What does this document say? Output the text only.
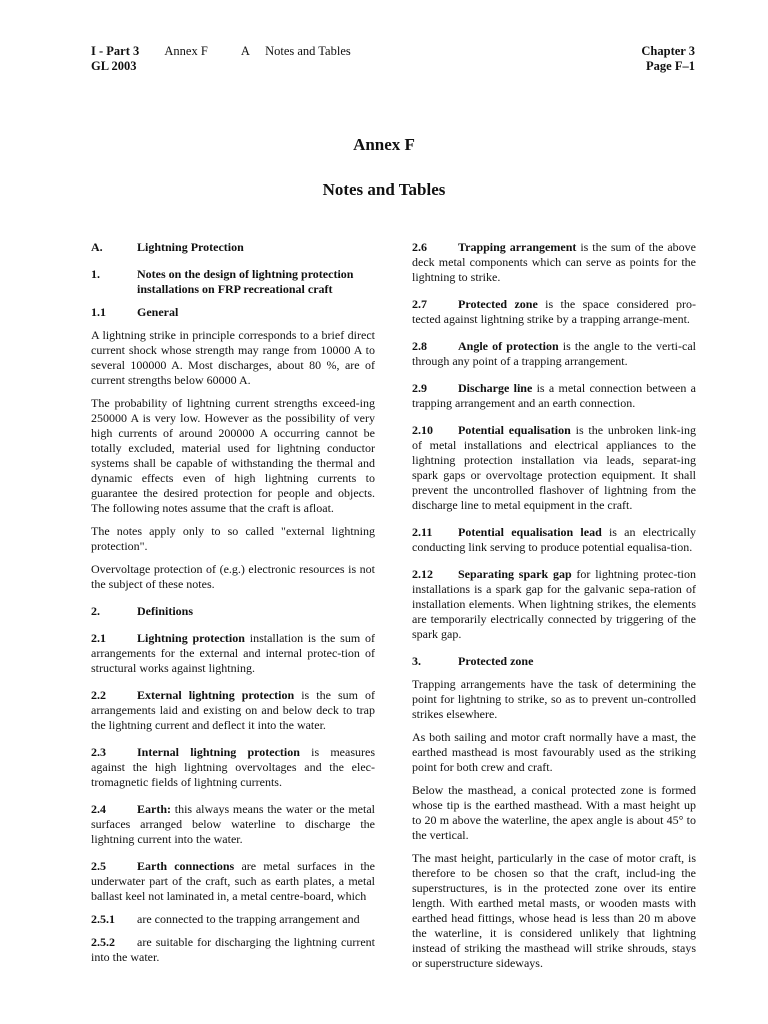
I - Part 3 Annex F	A Notes and Tables
GL 2003
Chapter 3
Page F–1
Annex F
Notes and Tables
A.	Lightning Protection
1.	Notes on the design of lightning protection installations on FRP recreational craft
1.1	General

A lightning strike in principle corresponds to a brief direct current shock whose strength may range from 10000 A to several 100000 A. Most discharges, about 80 %, are of current strengths below 60000 A.

The probability of lightning current strengths exceed-ing 250000 A is very low. However as the possibility of very high currents of around 200000 A occurring cannot be totally excluded, material used for lightning conductor systems shall be capable of withstanding the thermal and dynamic effects even of high lightning currents to guarantee the desired protection for people and objects. The following notes assume that the craft is afloat.

The notes apply only to so called "external lightning protection".

Overvoltage protection of (e.g.) electronic resources is not the subject of these notes.

2.	Definitions

2.1	Lightning protection installation is the sum of arrangements for the external and internal protec-tion of structural works against lightning.

2.2	External lightning protection is the sum of arrangements laid and existing on and below deck to trap the lightning current and deflect it into the water.

2.3	Internal lightning protection is measures against the high lightning overvoltages and the elec-tromagnetic fields of lightning currents.

2.4	Earth: this always means the water or the metal surfaces arranged below waterline to discharge the lightning current into the water.

2.5	Earth connections are metal surfaces in the underwater part of the craft, such as earth plates, a metal ballast keel not laminated in, a metal centre-board, which

2.5.1 are connected to the trapping arrangement and

2.5.2 are suitable for discharging the lightning current into the water.

2.6	Trapping arrangement is the sum of the above deck metal components which can serve as points for the lightning to strike.

2.7	Protected zone is the space considered pro-tected against lightning strike by a trapping arrange-ment.

2.8	Angle of protection is the angle to the verti-cal through any point of a trapping arrangement.

2.9	Discharge line is a metal connection between a trapping arrangement and an earth connection.

2.10 Potential equalisation is the unbroken link-ing of metal installations and electrical appliances to the lightning protection installation via leads, separat-ing spark gaps or overvoltage protection equipment. It shall prevent the uncontrolled flashover of lightning from the discharge line to metal equipment in the craft.

2.11 Potential equalisation lead is an electrically conducting link serving to produce potential equalisa-tion.

2.12 Separating spark gap for lightning protec-tion installations is a spark gap for the galvanic sepa-ration of installation elements. When lightning strikes, the elements are temporarily electrically connected by triggering of the spark gap.

3.	Protected zone

Trapping arrangements have the task of determining the point for lightning to strike, so as to prevent un-controlled strikes elsewhere.

As both sailing and motor craft normally have a mast, the earthed masthead is most favourably used as the striking point for both crew and craft.

Below the masthead, a conical protected zone is formed whose tip is the earthed masthead. With a mast height up to 20 m above the waterline, the apex angle is about 45° to the vertical.

The mast height, particularly in the case of motor craft, is therefore to be chosen so that the craft, includ-ing the superstructures, is in the protected zone over its entire length. With earthed metal masts, or wooden masts with earthed head fittings, whose head is less than 20 m above the waterline, it is considered unlikely that lightning instead of striking the masthead will strike shrouds, stays or superstructure sideways.
